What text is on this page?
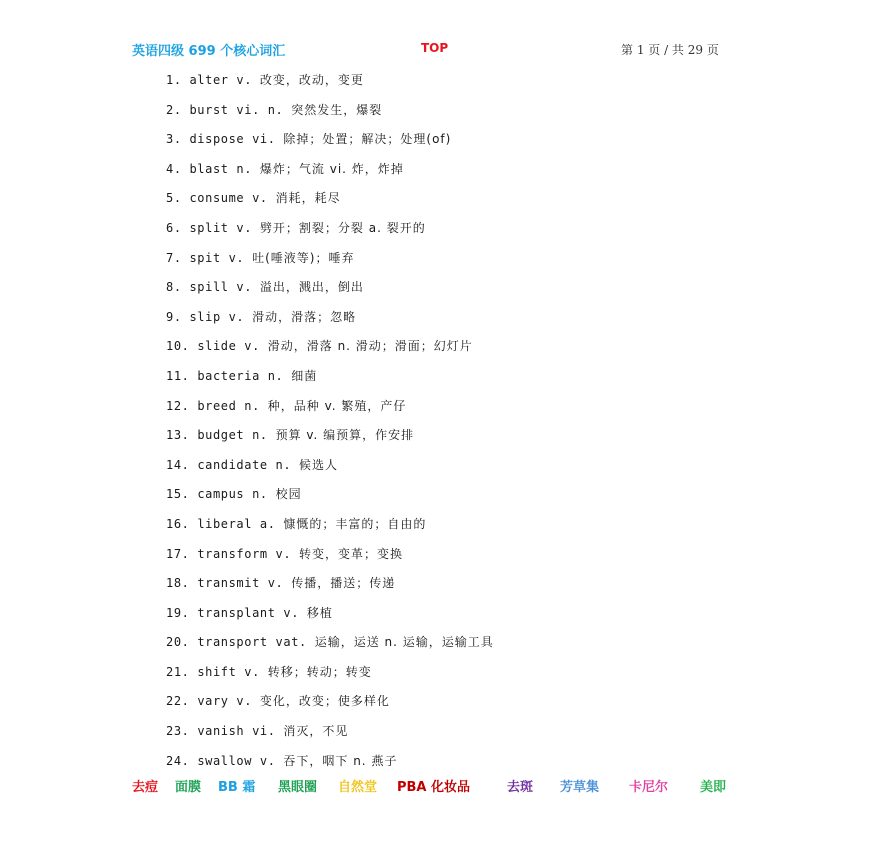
英语四级 699 个核心词汇	TOP	第 1 页 / 共 29 页
1. alter v. 改变，改动，变更
2. burst vi. n. 突然发生，爆裂
3. dispose vi. 除掉；处置；解决；处理(of)
4. blast n. 爆炸；气流 vi. 炸，炸掉
5. consume v. 消耗，耗尽
6. split v. 劈开；割裂；分裂 a. 裂开的
7. spit v. 吐(唾液等)；唾弃
8. spill v. 溢出，溅出，倒出
9. slip v. 滑动，滑落；忽略
10. slide v. 滑动，滑落 n. 滑动；滑面；幻灯片
11. bacteria n. 细菌
12. breed n. 种，品种 v. 繁殖，产仔
13. budget n. 预算 v. 编预算，作安排
14. candidate n. 候选人
15. campus n. 校园
16. liberal a. 慷慨的；丰富的；自由的
17. transform v. 转变，变革；变换
18. transmit v. 传播，播送；传递
19. transplant v. 移植
20. transport vat. 运输，运送 n. 运输，运输工具
21. shift v. 转移；转动；转变
22. vary v. 变化，改变；使多样化
23. vanish vi. 消灭，不见
24. swallow v. 吞下，咽下 n. 燕子
去痘 面膜 BB 霜 黑眼圈 自然堂 PBA 化妆品	去斑 芳草集 卡尼尔 美即
